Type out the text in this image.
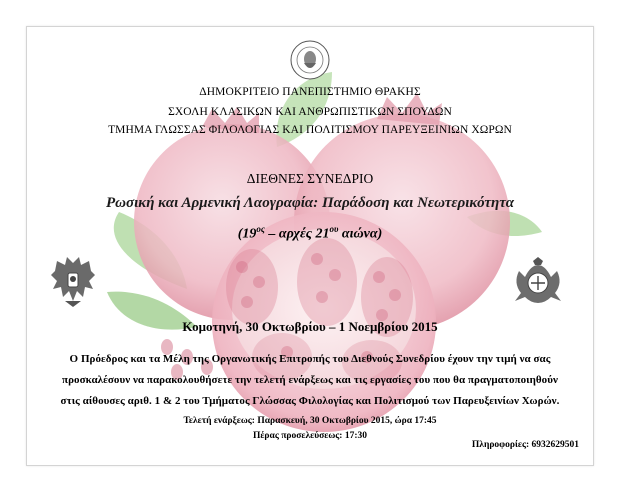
ΔΗΜΟΚΡΙΤΕΙΟ ΠΑΝΕΠΙΣΤΗΜΙΟ ΘΡΑΚΗΣ
ΣΧΟΛΗ ΚΛΑΣΙΚΩΝ ΚΑΙ ΑΝΘΡΩΠΙΣΤΙΚΩΝ ΣΠΟΥΔΩΝ
ΤΜΗΜΑ ΓΛΩΣΣΑΣ ΦΙΛΟΛΟΓΙΑΣ ΚΑΙ ΠΟΛΙΤΙΣΜΟΥ ΠΑΡΕΥΞΕΙΝΙΩΝ ΧΩΡΩΝ
ΔΙΕΘΝΕΣ ΣΥΝΕΔΡΙΟ
Ρωσική και Αρμενική Λαογραφία: Παράδοση και Νεωτερικότητα
($19^{o\varsigma}$ – αρχές $21^{o\upsilon}$ αιώνα)
Κομοτηνή, 30 Οκτωβρίου – 1 Νοεμβρίου 2015
Ο Πρόεδρος και τα Μέλη της Οργανωτικής Επιτροπής του Διεθνούς Συνεδρίου έχουν την τιμή να σας
προσκαλέσουν να παρακολουθήσετε την τελετή ενάρξεως και τις εργασίες του που θα πραγματοποιηθούν
στις αίθουσες αριθ. 1 & 2 του Τμήματος Γλώσσας Φιλολογίας και Πολιτισμού των Παρευξεινίων Χωρών.
Τελετή ενάρξεως: Παρασκευή, 30 Οκτωβρίου 2015, ώρα 17:45
Πέρας προσελεύσεως: 17:30
Πληροφορίες: 6932629501
